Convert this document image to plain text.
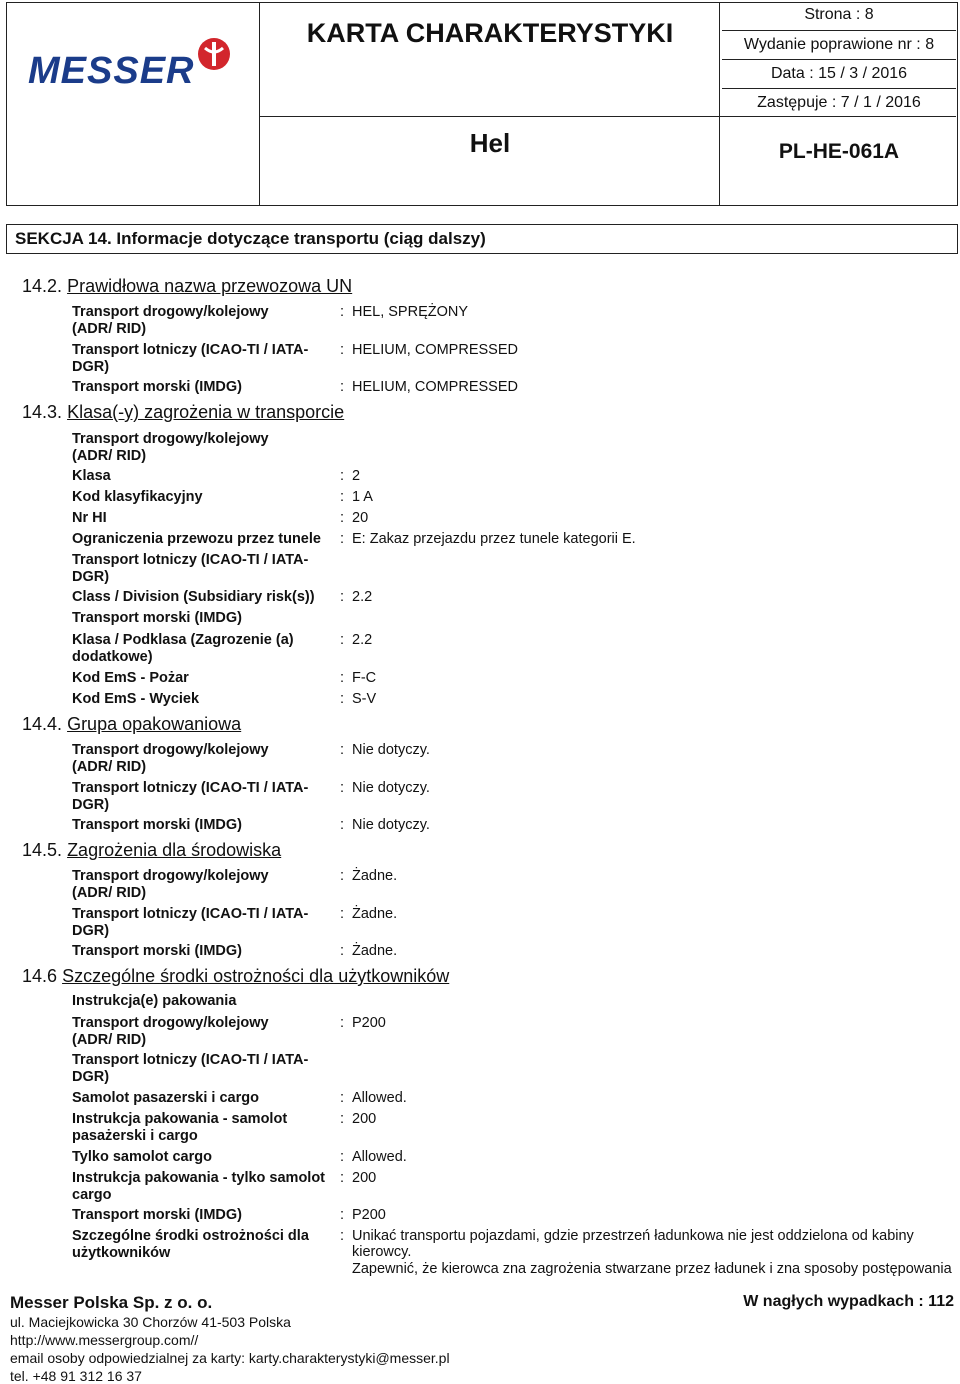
MESSER
KARTA CHARAKTERYSTYKI
Hel
Strona : 8
Wydanie poprawione nr : 8
Data : 15 / 3 / 2016
Zastępuje : 7 / 1 / 2016
PL-HE-061A
SEKCJA 14. Informacje dotyczące transportu (ciąg dalszy)
14.2. Prawidłowa nazwa przewozowa UN
Transport drogowy/kolejowy (ADR/ RID)
: HEL, SPRĘŻONY
Transport lotniczy (ICAO-TI / IATA-DGR)
: HELIUM, COMPRESSED
Transport morski (IMDG)	: HELIUM, COMPRESSED
14.3. Klasa(-y) zagrożenia w transporcie
Transport drogowy/kolejowy (ADR/ RID)
Klasa	: 2
Kod klasyfikacyjny	: 1 A
Nr HI	: 20
Ograniczenia przewozu przez tunele	: E: Zakaz przejazdu przez tunele kategorii E.
Transport lotniczy (ICAO-TI / IATA-DGR)
Class / Division (Subsidiary risk(s))	: 2.2
Transport morski (IMDG)
Klasa / Podklasa (Zagrozenie (a) dodatkowe)
: 2.2
Kod EmS - Pożar	: F-C
Kod EmS - Wyciek	: S-V
14.4. Grupa opakowaniowa
Transport drogowy/kolejowy (ADR/ RID)
: Nie dotyczy.
Transport lotniczy (ICAO-TI / IATA-DGR)
: Nie dotyczy.
Transport morski (IMDG)	: Nie dotyczy.
14.5. Zagrożenia dla środowiska
Transport drogowy/kolejowy (ADR/ RID)
: Żadne.
Transport lotniczy (ICAO-TI / IATA-DGR)
: Żadne.
Transport morski (IMDG)	: Żadne.
14.6 Szczególne środki ostrożności dla użytkowników
Instrukcja(e) pakowania
Transport drogowy/kolejowy (ADR/ RID)
: P200
Transport lotniczy (ICAO-TI / IATA-DGR)
Samolot pasazerski i cargo	: Allowed.
Instrukcja pakowania - samolot pasażerski i cargo
: 200
Tylko samolot cargo	: Allowed.
Instrukcja pakowania - tylko samolot cargo
: 200
Transport morski (IMDG)	: P200
Szczególne środki ostrożności dla użytkowników
: Unikać transportu pojazdami, gdzie przestrzeń ładunkowa nie jest oddzielona od kabiny
kierowcy.
Zapewnić, że kierowca zna zagrożenia stwarzane przez ładunek i zna sposoby postępowania
Messer Polska Sp. z o. o.	W nagłych wypadkach : 112
ul. Maciejkowicka 30 Chorzów 41-503 Polska
http://www.messergroup.com//
email osoby odpowiedzialnej za karty: karty.charakterystyki@messer.pl
tel. +48 91 312 16 37
